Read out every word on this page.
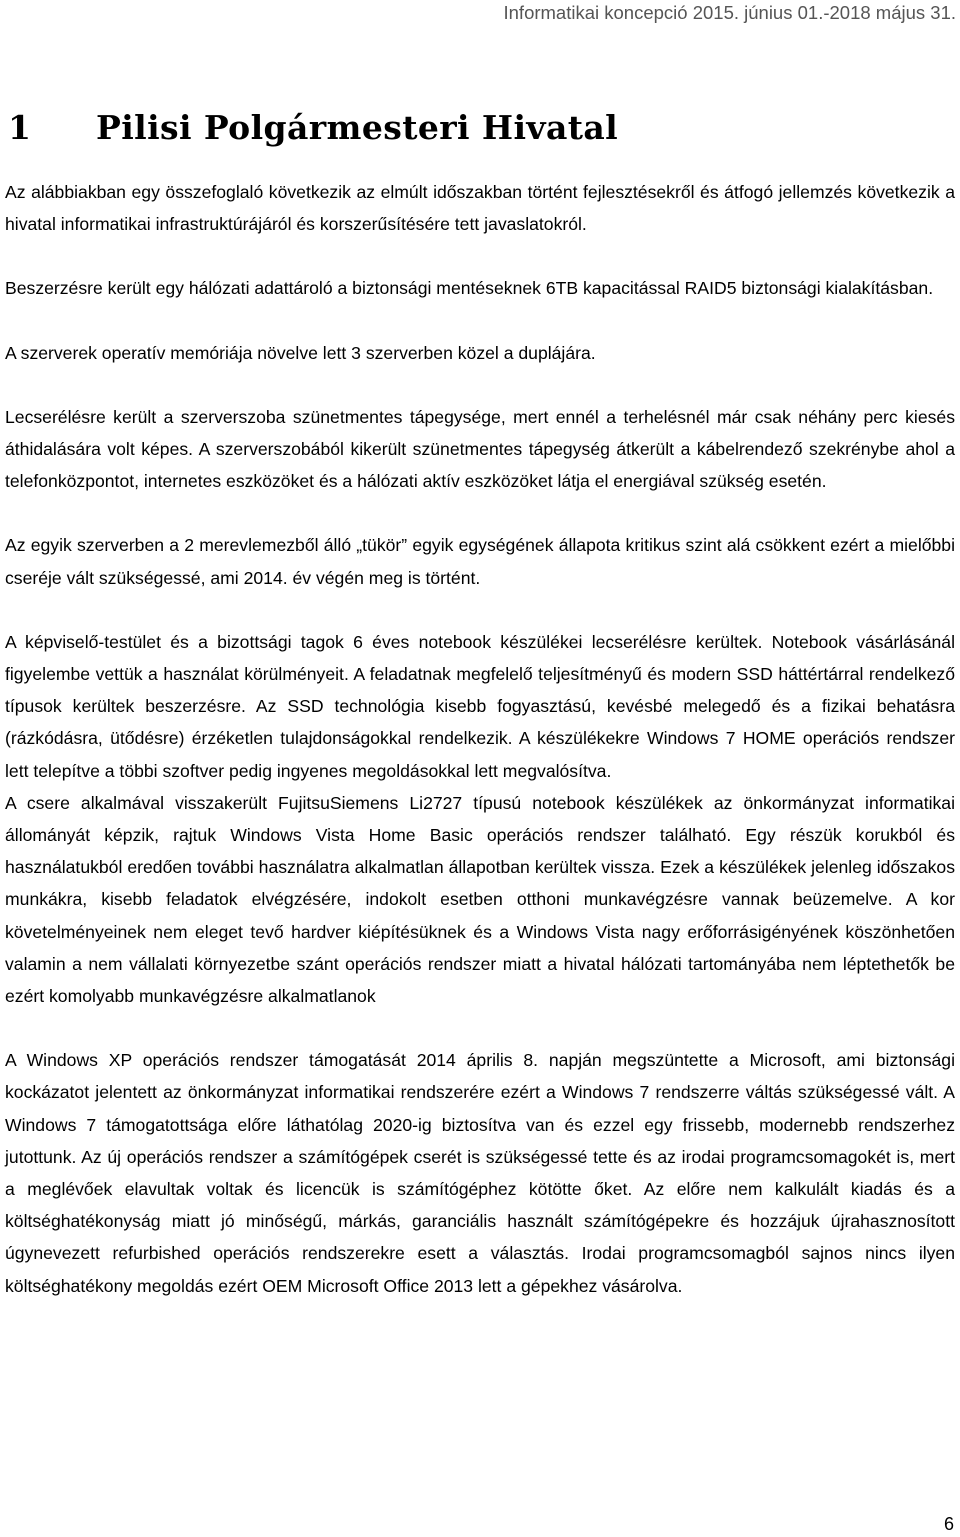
Informatikai koncepció 2015. június 01.-2018 május 31.
1 Pilisi Polgármesteri Hivatal

Az alábbiakban egy összefoglaló következik az elmúlt időszakban történt fejlesztésekről és átfogó jellemzés következik a hivatal informatikai infrastruktúrájáról és korszerűsítésére tett javaslatokról.

Beszerzésre került egy hálózati adattároló a biztonsági mentéseknek 6TB kapacitással RAID5 biztonsági kialakításban.

A szerverek operatív memóriája növelve lett 3 szerverben közel a duplájára.

Lecserélésre került a szerverszoba szünetmentes tápegysége, mert ennél a terhelésnél már csak néhány perc kiesés áthidalására volt képes. A szerverszobából kikerült szünetmentes tápegység átkerült a kábelrendező szekrénybe ahol a telefonközpontot, internetes eszközöket és a hálózati aktív eszközöket látja el energiával szükség esetén.

Az egyik szerverben a 2 merevlemezből álló „tükör” egyik egységének állapota kritikus szint alá csökkent ezért a mielőbbi cseréje vált szükségessé, ami 2014. év végén meg is történt.

A képviselő-testület és a bizottsági tagok 6 éves notebook készülékei lecserélésre kerültek. Notebook vásárlásánál figyelembe vettük a használat körülményeit. A feladatnak megfelelő teljesítményű és modern SSD háttértárral rendelkező típusok kerültek beszerzésre. Az SSD technológia kisebb fogyasztású, kevésbé melegedő és a fizikai behatásra (rázkódásra, ütődésre) érzéketlen tulajdonságokkal rendelkezik. A készülékekre Windows 7 HOME operációs rendszer lett telepítve a többi szoftver pedig ingyenes megoldásokkal lett megvalósítva.

A csere alkalmával visszakerült FujitsuSiemens Li2727 típusú notebook készülékek az önkormányzat informatikai állományát képzik, rajtuk Windows Vista Home Basic operációs rendszer található. Egy részük korukból és használatukból eredően további használatra alkalmatlan állapotban kerültek vissza. Ezek a készülékek jelenleg időszakos munkákra, kisebb feladatok elvégzésére, indokolt esetben otthoni munkavégzésre vannak beüzemelve. A kor követelményeinek nem eleget tevő hardver kiépítésüknek és a Windows Vista nagy erőforrásigényének köszönhetően valamin a nem vállalati környezetbe szánt operációs rendszer miatt a hivatal hálózati tartományába nem léptethetők be ezért komolyabb munkavégzésre alkalmatlanok

A Windows XP operációs rendszer támogatását 2014 április 8. napján megszüntette a Microsoft, ami biztonsági kockázatot jelentett az önkormányzat informatikai rendszerére ezért a Windows 7 rendszerre váltás szükségessé vált. A Windows 7 támogatottsága előre láthatólag 2020-ig biztosítva van és ezzel egy frissebb, modernebb rendszerhez jutottunk. Az új operációs rendszer a számítógépek cserét is szükségessé tette és az irodai programcsomagokét is, mert a meglévőek elavultak voltak és licencük is számítógéphez kötötte őket. Az előre nem kalkulált kiadás és a költséghatékonyság miatt jó minőségű, márkás, garanciális használt számítógépekre és hozzájuk újrahasznosított úgynevezett refurbished operációs rendszerekre esett a választás. Irodai programcsomagból sajnos nincs ilyen költséghatékony megoldás ezért OEM Microsoft Office 2013 lett a gépekhez vásárolva.

6
